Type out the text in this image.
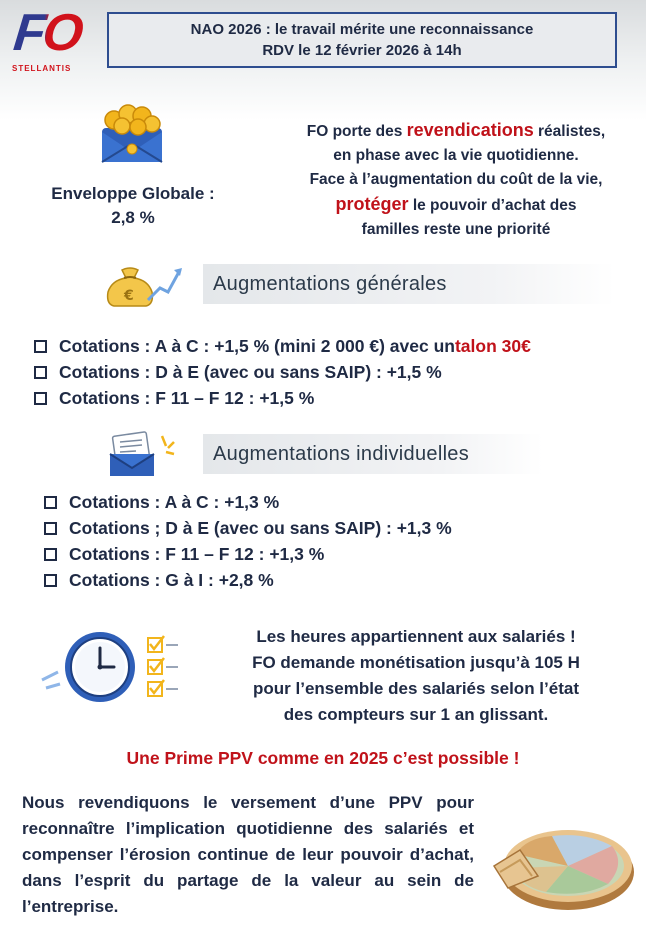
FO
STELLANTIS
NAO 2026 : le travail mérite une reconnaissance
RDV le 12 février 2026 à 14h
Enveloppe Globale :
2,8 %
FO porte des revendications réalistes,
en phase avec la vie quotidienne.
Face à l’augmentation du coût de la vie,
protéger le pouvoir d’achat des
familles reste une priorité
€
Augmentations générales
Cotations : A à C : +1,5 % (mini 2 000 €) avec un talon 30€
Cotations : D à E (avec ou sans SAIP) : +1,5 %
Cotations : F 11 – F 12 : +1,5 %
Augmentations individuelles
Cotations : A à C : +1,3 %
Cotations ; D à E (avec ou sans SAIP) : +1,3 %
Cotations : F 11 – F 12 : +1,3 %
Cotations : G à I : +2,8 %
Les heures appartiennent aux salariés !
FO demande monétisation jusqu’à 105 H
pour l’ensemble des salariés selon l’état
des compteurs sur 1 an glissant.
Une Prime PPV comme en 2025 c’est possible !
Nous revendiquons le versement d’une PPV pour reconnaître l’implication quotidienne des salariés et compenser l’érosion continue de leur pouvoir d’achat, dans l’esprit du partage de la valeur au sein de l’entreprise.
